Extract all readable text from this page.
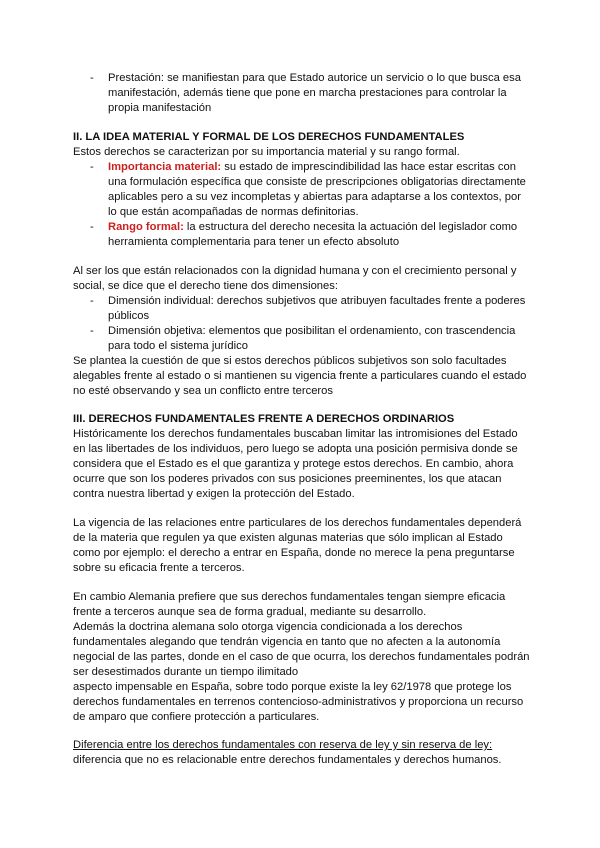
- Prestación: se manifiestan para que Estado autorice un servicio o lo que busca esa
manifestación, además tiene que pone en marcha prestaciones para controlar la
propia manifestación
II. LA IDEA MATERIAL Y FORMAL DE LOS DERECHOS FUNDAMENTALES
Estos derechos se caracterizan por su importancia material y su rango formal.
- Importancia material: su estado de imprescindibilidad las hace estar escritas con
una formulación específica que consiste de prescripciones obligatorias directamente
aplicables pero a su vez incompletas y abiertas para adaptarse a los contextos, por
lo que están acompañadas de normas definitorias.
- Rango formal: la estructura del derecho necesita la actuación del legislador como
herramienta complementaria para tener un efecto absoluto
Al ser los que están relacionados con la dignidad humana y con el crecimiento personal y
social, se dice que el derecho tiene dos dimensiones:
- Dimensión individual: derechos subjetivos que atribuyen facultades frente a poderes
públicos
- Dimensión objetiva: elementos que posibilitan el ordenamiento, con trascendencia
para todo el sistema jurídico
Se plantea la cuestión de que si estos derechos públicos subjetivos son solo facultades
alegables frente al estado o si mantienen su vigencia frente a particulares cuando el estado
no esté observando y sea un conflicto entre terceros
III. DERECHOS FUNDAMENTALES FRENTE A DERECHOS ORDINARIOS
Históricamente los derechos fundamentales buscaban limitar las intromisiones del Estado
en las libertades de los individuos, pero luego se adopta una posición permisiva donde se
considera que el Estado es el que garantiza y protege estos derechos. En cambio, ahora
ocurre que son los poderes privados con sus posiciones preeminentes, los que atacan
contra nuestra libertad y exigen la protección del Estado.
La vigencia de las relaciones entre particulares de los derechos fundamentales dependerá
de la materia que regulen ya que existen algunas materias que sólo implican al Estado
como por ejemplo: el derecho a entrar en España, donde no merece la pena preguntarse
sobre su eficacia frente a terceros.
En cambio Alemania prefiere que sus derechos fundamentales tengan siempre eficacia
frente a terceros aunque sea de forma gradual, mediante su desarrollo.
Además la doctrina alemana solo otorga vigencia condicionada a los derechos
fundamentales alegando que tendrán vigencia en tanto que no afecten a la autonomía
negocial de las partes, donde en el caso de que ocurra, los derechos fundamentales podrán
ser desestimados durante un tiempo ilimitado
aspecto impensable en España, sobre todo porque existe la ley 62/1978 que protege los
derechos fundamentales en terrenos contencioso-administrativos y proporciona un recurso
de amparo que confiere protección a particulares.
Diferencia entre los derechos fundamentales con reserva de ley y sin reserva de ley:
diferencia que no es relacionable entre derechos fundamentales y derechos humanos.
